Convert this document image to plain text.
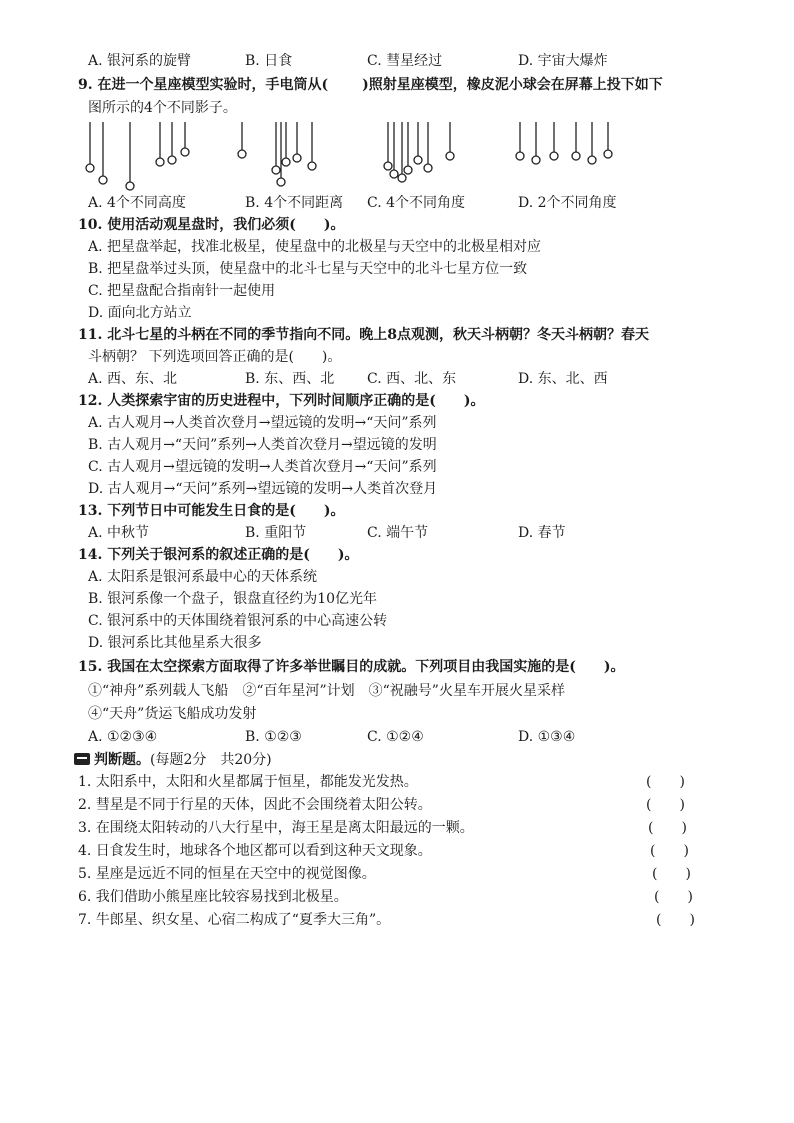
A. 银河系的旋臂	B. 日食	C. 彗星经过	D. 宇宙大爆炸
9. 在进一个星座模型实验时，手电筒从( )照射星座模型，橡皮泥小球会在屏幕上投下如下
图所示的4个不同影子。
A. 4个不同高度	B. 4个不同距离 C. 4个不同角度	D. 2个不同角度
10. 使用活动观星盘时，我们必须(　　)。
A. 把星盘举起，找准北极星，使星盘中的北极星与天空中的北极星相对应
B. 把星盘举过头顶，使星盘中的北斗七星与天空中的北斗七星方位一致
C. 把星盘配合指南针一起使用
D. 面向北方站立
11. 北斗七星的斗柄在不同的季节指向不同。晚上8点观测，秋天斗柄朝？冬天斗柄朝？春天
斗柄朝？ 下列选项回答正确的是(　　)。
A. 西、东、北	B. 东、西、北 C. 西、北、东	D. 东、北、西
12. 人类探索宇宙的历史进程中，下列时间顺序正确的是(　　)。
A. 古人观月→人类首次登月→望远镜的发明→“天问”系列
B. 古人观月→“天问”系列→人类首次登月→望远镜的发明
C. 古人观月→望远镜的发明→人类首次登月→“天问”系列
D. 古人观月→“天问”系列→望远镜的发明→人类首次登月
13. 下列节日中可能发生日食的是(　　)。
A. 中秋节	B. 重阳节	C. 端午节	D. 春节
14. 下列关于银河系的叙述正确的是(　　)。
A. 太阳系是银河系最中心的天体系统
B. 银河系像一个盘子，银盘直径约为10亿光年
C. 银河系中的天体围绕着银河系的中心高速公转
D. 银河系比其他星系大很多
15. 我国在太空探索方面取得了许多举世瞩目的成就。下列项目由我国实施的是(　　)。
①“神舟”系列载人飞船　②“百年星河”计划　③“祝融号”火星车开展火星采样
④“天舟”货运飞船成功发射
A. ①②③④	B. ①②③	C. ①②④	D. ①③④
判断题。(每题2分　共20分)
1. 太阳系中，太阳和火星都属于恒星，都能发光发热。	(　　)
2. 彗星是不同于行星的天体，因此不会围绕着太阳公转。	(　　)
3. 在围绕太阳转动的八大行星中，海王星是离太阳最远的一颗。	(　　)
4. 日食发生时，地球各个地区都可以看到这种天文现象。	(　　)
5. 星座是远近不同的恒星在天空中的视觉图像。	(　　)
6. 我们借助小熊星座比较容易找到北极星。	(　　)
7. 牛郎星、织女星、心宿二构成了“夏季大三角”。	(　　)
